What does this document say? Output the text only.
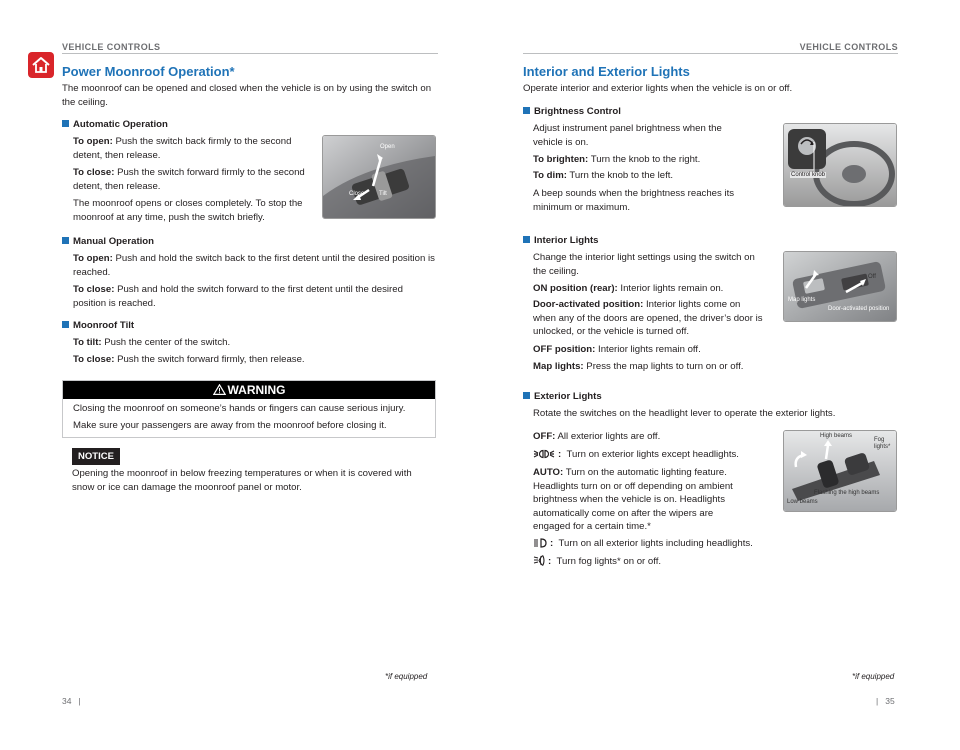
VEHICLE CONTROLS	VEHICLE CONTROLS
Power Moonroof Operation*

The moonroof can be opened and closed when the vehicle is on by using the switch on the ceiling.

Automatic Operation

To open: Push the switch back firmly to the second detent, then release.

To close: Push the switch forward firmly to the second detent, then release.

The moonroof opens or closes completely. To stop the moonroof at any time, push the switch briefly.

Open
Close Tilt
Manual Operation

To open: Push and hold the switch back to the first detent until the desired position is reached.

To close: Push and hold the switch forward to the first detent until the desired position is reached.

Moonroof Tilt

To tilt: Push the center of the switch.

To close: Push the switch forward firmly, then release.

WARNING

Closing the moonroof on someone’s hands or fingers can cause serious injury.

Make sure your passengers are away from the moonroof before closing it.

NOTICE

Opening the moonroof in below freezing temperatures or when it is covered with snow or ice can damage the moonroof panel or motor.

*if equipped
34   |
Interior and Exterior Lights

Operate interior and exterior lights when the vehicle is on or off.

Brightness Control

Adjust instrument panel brightness when the vehicle is on.

To brighten: Turn the knob to the right.

To dim: Turn the knob to the left.

A beep sounds when the brightness reaches its minimum or maximum.

Control knob
Interior Lights

Change the interior light settings using the switch on the ceiling.

ON position (rear): Interior lights remain on.

Door-activated position: Interior lights come on when any of the doors are opened, the driver’s door is unlocked, or the vehicle is turned off.

OFF position: Interior lights remain off.

Map lights: Press the map lights to turn on or off.

Off
Map lights
Door-activated position
Exterior Lights

Rotate the switches on the headlight lever to operate the exterior lights.

OFF: All exterior lights are off.

: Turn on exterior lights except headlights.

AUTO: Turn on the automatic lighting feature. Headlights turn on or off depending on ambient brightness when the vehicle is on. Headlights automatically come on after the wipers are engaged for a certain time.*

: Turn on all exterior lights including headlights.

: Turn fog lights* on or off.

High beams
Fog
lights*
Flashing the high beams
Low beams
*if equipped
|   35
